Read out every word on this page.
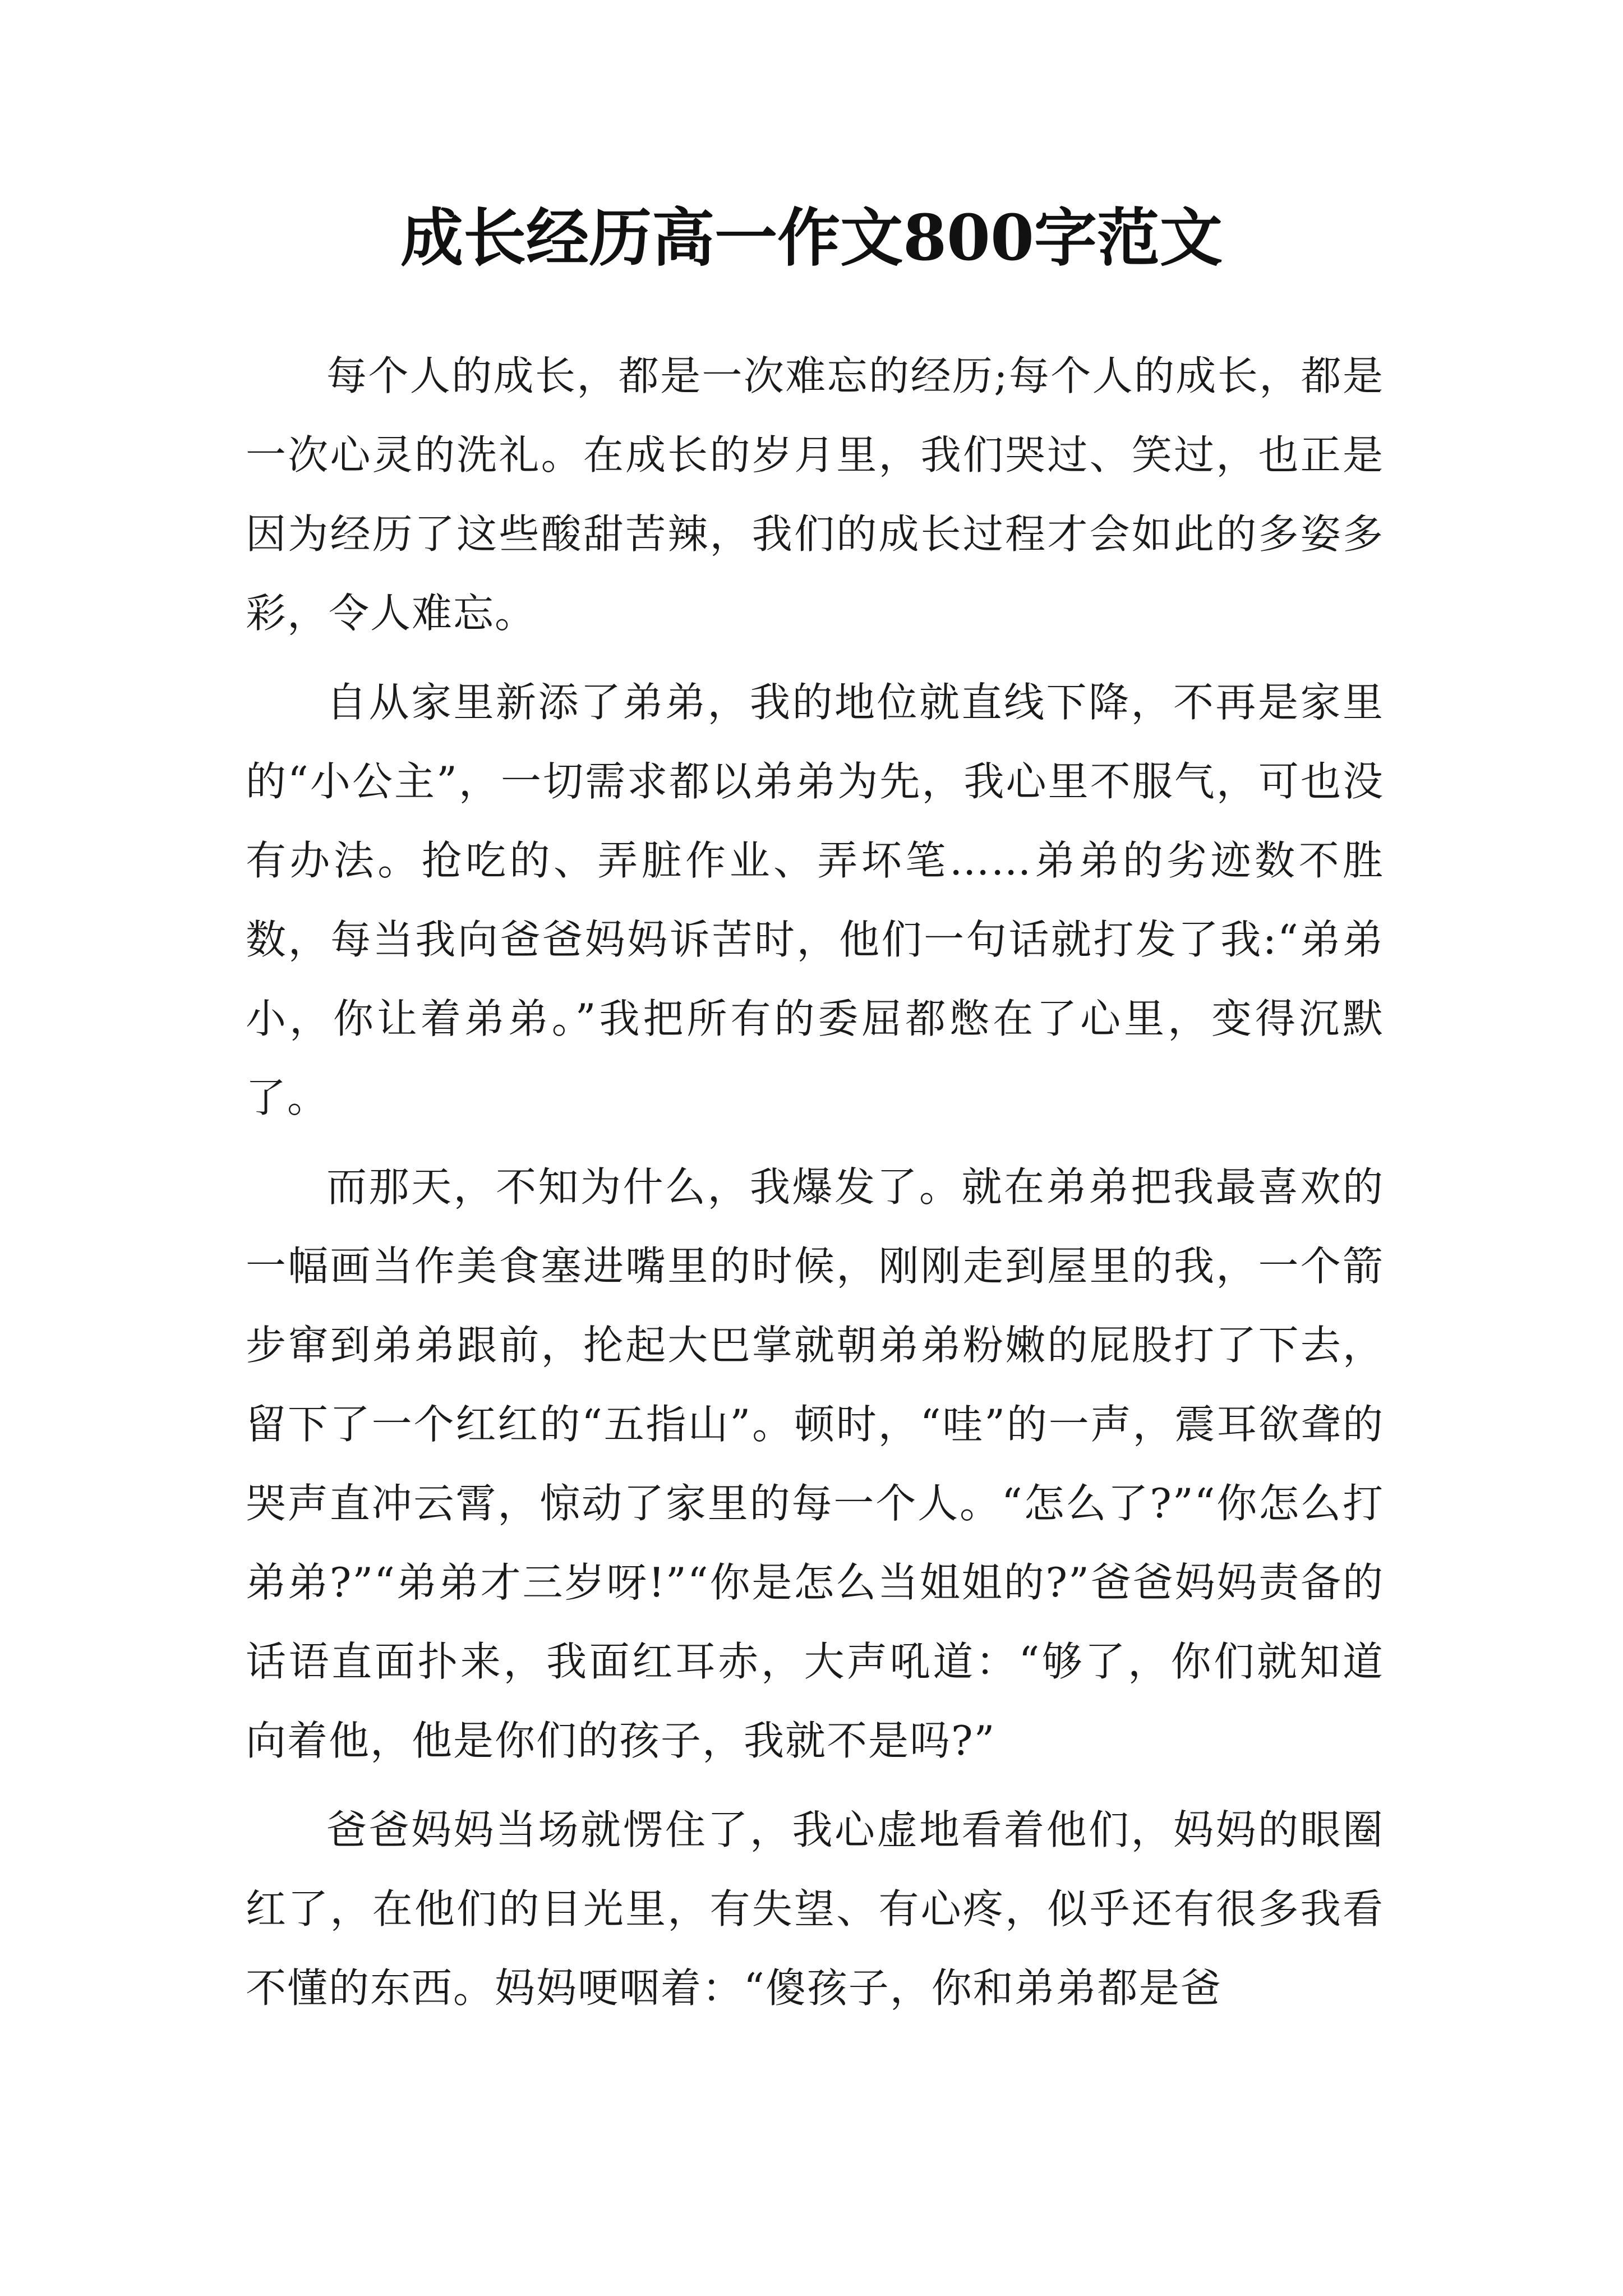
成长经历高一作文800字范文

每个人的成长，都是一次难忘的经历;每个人的成长，都是一次心灵的洗礼。在成长的岁月里，我们哭过、笑过，也正是因为经历了这些酸甜苦辣，我们的成长过程才会如此的多姿多彩，令人难忘。

自从家里新添了弟弟，我的地位就直线下降，不再是家里的“小公主”，一切需求都以弟弟为先，我心里不服气，可也没有办法。抢吃的、弄脏作业、弄坏笔……弟弟的劣迹数不胜数，每当我向爸爸妈妈诉苦时，他们一句话就打发了我:“弟弟小，你让着弟弟。”我把所有的委屈都憋在了心里，变得沉默了。

而那天，不知为什么，我爆发了。就在弟弟把我最喜欢的一幅画当作美食塞进嘴里的时候，刚刚走到屋里的我，一个箭步窜到弟弟跟前，抡起大巴掌就朝弟弟粉嫩的屁股打了下去，留下了一个红红的“五指山”。顿时，“哇”的一声，震耳欲聋的哭声直冲云霄，惊动了家里的每一个人。“怎么了?”“你怎么打弟弟?”“弟弟才三岁呀!”“你是怎么当姐姐的?”爸爸妈妈责备的话语直面扑来，我面红耳赤，大声吼道：“够了，你们就知道向着他，他是你们的孩子，我就不是吗?”

爸爸妈妈当场就愣住了，我心虚地看着他们，妈妈的眼圈红了，在他们的目光里，有失望、有心疼，似乎还有很多我看不懂的东西。妈妈哽咽着：“傻孩子，你和弟弟都是爸
